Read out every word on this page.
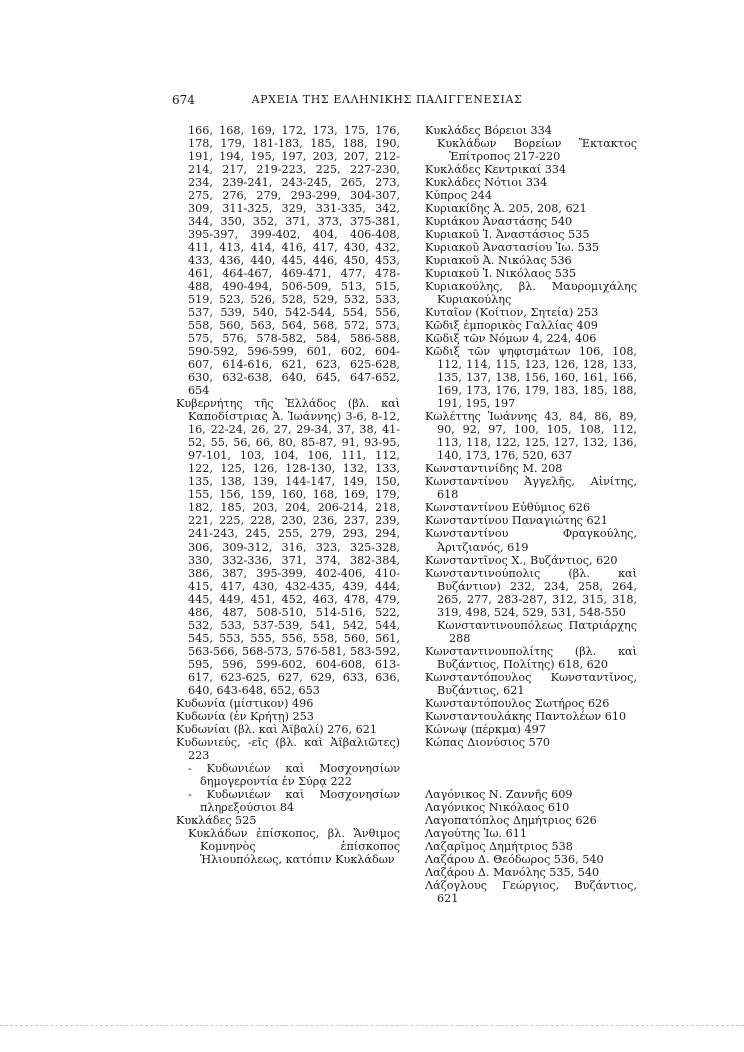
674	ΑΡΧΕΙΑ ΤΗΣ ΕΛΛΗΝΙΚΗΣ ΠΑΛΙΓΓΕΝΕΣΙΑΣ
166, 168, 169, 172, 173, 175, 176, 178, 179, 181-183, 185, 188, 190, 191, 194, 195, 197, 203, 207, 212-214, 217, 219-223, 225, 227-230, 234, 239-241, 243-245, 265, 273, 275, 276, 279, 293-299, 304-307, 309, 311-325, 329, 331-335, 342, 344, 350, 352, 371, 373, 375-381, 395-397, 399-402, 404, 406-408, 411, 413, 414, 416, 417, 430, 432, 433, 436, 440, 445, 446, 450, 453, 461, 464-467, 469-471, 477, 478-488, 490-494, 506-509, 513, 515, 519, 523, 526, 528, 529, 532, 533, 537, 539, 540, 542-544, 554, 556, 558, 560, 563, 564, 568, 572, 573, 575, 576, 578-582, 584, 586-588, 590-592, 596-599, 601, 602, 604-607, 614-616, 621, 623, 625-628, 630, 632-638, 640, 645, 647-652, 654
Κυβερνήτης τῆς Ἑλλάδος (βλ. καὶ Καποδίστριας Ἀ. Ἰωάννης) 3-6, 8-12, 16, 22-24, 26, 27, 29-34, 37, 38, 41-52, 55, 56, 66, 80, 85-87, 91, 93-95, 97-101, 103, 104, 106, 111, 112, 122, 125, 126, 128-130, 132, 133, 135, 138, 139, 144-147, 149, 150, 155, 156, 159, 160, 168, 169, 179, 182, 185, 203, 204, 206-214, 218, 221, 225, 228, 230, 236, 237, 239, 241-243, 245, 255, 279, 293, 294, 306, 309-312, 316, 323, 325-328, 330, 332-336, 371, 374, 382-384, 386, 387, 395-399, 402-406, 410-415, 417, 430, 432-435, 439, 444, 445, 449, 451, 452, 463, 478, 479, 486, 487, 508-510, 514-516, 522, 532, 533, 537-539, 541, 542, 544, 545, 553, 555, 556, 558, 560, 561, 563-566, 568-573, 576-581, 583-592, 595, 596, 599-602, 604-608, 613-617, 623-625, 627, 629, 633, 636, 640, 643-648, 652, 653
Κυδωνία (μίστικον) 496
Κυδωνία (ἐν Κρήτῃ) 253
Κυδωνίαι (βλ. καὶ Ἀϊβαλί) 276, 621
Κυδωνιεύς, -εῖς (βλ. καὶ Ἀϊβαλιῶτες) 223
- Κυδωνιέων καὶ Μοσχονησίων δημογεροντία ἐν Σύρᾳ 222
- Κυδωνιέων καὶ Μοσχονησίων πληρεξούσιοι 84
Κυκλάδες 525
Κυκλάδων ἐπίσκοπος, βλ. Ἄνθιμος Κομνηνὸς ἐπίσκοπος Ἡλιουπόλεως, κατόπιν Κυκλάδων
Κυκλάδες Βόρειοι 334
Κυκλάδων Βορείων Ἔκτακτος Ἐπίτροπος 217-220
Κυκλάδες Κεντρικαί 334
Κυκλάδες Νότιοι 334
Κύπρος 244
Κυριακίδης Ἀ. 205, 208, 621
Κυριάκου Ἀναστάσης 540
Κυριακοῦ Ἰ. Ἀναστάσιος 535
Κυριακοῦ Ἀναστασίου Ἰω. 535
Κυριακοῦ Ἀ. Νικόλας 536
Κυριακοῦ Ἰ. Νικόλαος 535
Κυριακούλης, βλ. Μαυρομιχάλης Κυριακούλης
Κυταῖον (Κοίτιον, Σητεία) 253
Κῶδιξ ἐμπορικὸς Γαλλίας 409
Κῶδιξ τῶν Νόμων 4, 224, 406
Κῶδιξ τῶν ψηφισμάτων 106, 108, 112, 114, 115, 123, 126, 128, 133, 135, 137, 138, 156, 160, 161, 166, 169, 173, 176, 179, 183, 185, 188, 191, 195, 197
Κωλέττης Ἰωάννης 43, 84, 86, 89, 90, 92, 97, 100, 105, 108, 112, 113, 118, 122, 125, 127, 132, 136, 140, 173, 176, 520, 637
Κωνσταντινίδης Μ. 208
Κωνσταντίνου Ἀγγελῆς, Αἰνίτης, 618
Κωνσταντίνου Εὐθύμιος 626
Κωνσταντίνου Παναγιώτης 621
Κωνσταντίνου Φραγκούλης, Ἀριτζιανός, 619
Κωνσταντῖνος Χ., Βυζάντιος, 620
Κωνσταντινούπολις (βλ. καὶ Βυζάντιον) 232, 234, 258, 264, 265, 277, 283-287, 312, 315, 318, 319, 498, 524, 529, 531, 548-550
Κωνσταντινουπόλεως Πατριάρχης 288
Κωνσταντινουπολίτης (βλ. καὶ Βυζάντιος, Πολίτης) 618, 620
Κωνσταντόπουλος Κωνσταντῖνος, Βυζάντιος, 621
Κωνσταντόπουλος Σωτήρος 626
Κωνσταντουλάκης Παντολέων 610
Κώνωψ (πέρκμα) 497
Κώπας Διονύσιος 570
Λαγόνικος Ν. Ζαννῆς 609
Λαγόνικος Νικόλαος 610
Λαγοπατόπλος Δημήτριος 626
Λαγούτης Ἰω. 611
Λαζαρῖμος Δημήτριος 538
Λαζάρου Δ. Θεόδωρος 536, 540
Λαζάρου Δ. Μανόλης 535, 540
Λάζογλους Γεώργιος, Βυζάντιος, 621
